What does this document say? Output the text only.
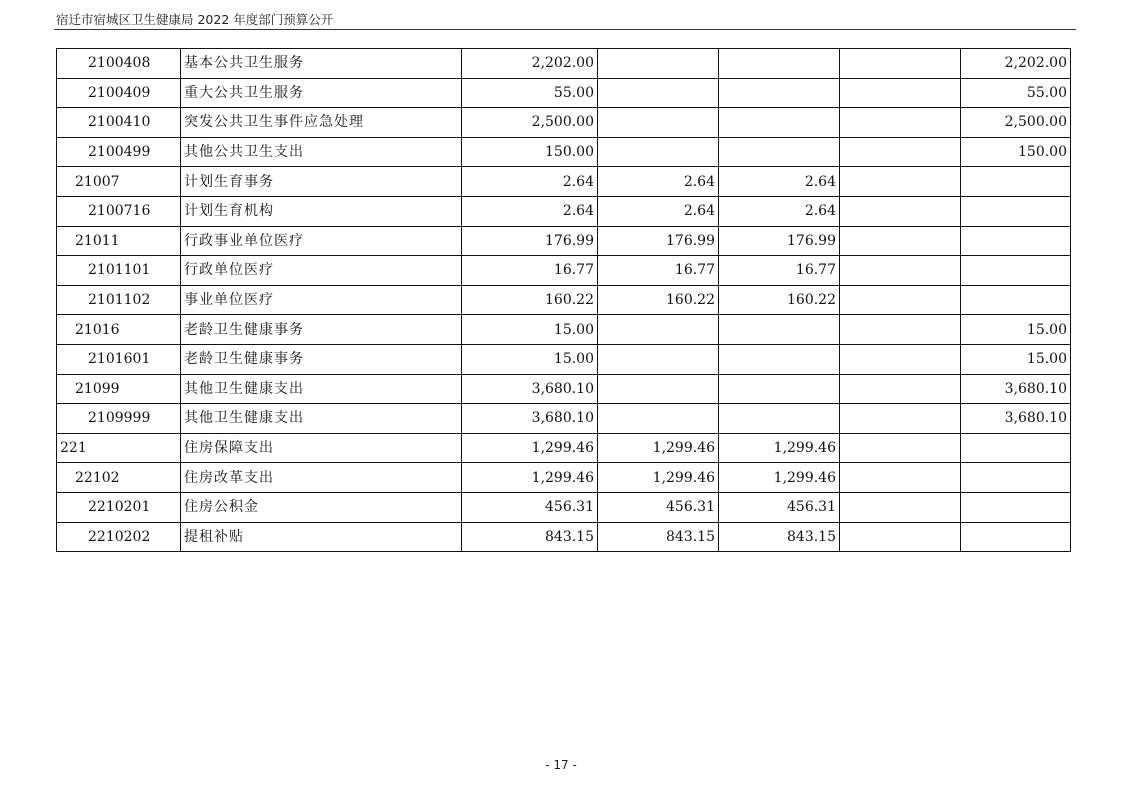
宿迁市宿城区卫生健康局 2022 年度部门预算公开
2100408	基本公共卫生服务	2,202.00				2,202.00
2100409	重大公共卫生服务	55.00				55.00
2100410	突发公共卫生事件应急处理	2,500.00				2,500.00
2100499	其他公共卫生支出	150.00				150.00
21007	计划生育事务	2.64	2.64	2.64		
2100716	计划生育机构	2.64	2.64	2.64		
21011	行政事业单位医疗	176.99	176.99	176.99		
2101101	行政单位医疗	16.77	16.77	16.77		
2101102	事业单位医疗	160.22	160.22	160.22		
21016	老龄卫生健康事务	15.00				15.00
2101601	老龄卫生健康事务	15.00				15.00
21099	其他卫生健康支出	3,680.10				3,680.10
2109999	其他卫生健康支出	3,680.10				3,680.10
221	住房保障支出	1,299.46	1,299.46	1,299.46		
22102	住房改革支出	1,299.46	1,299.46	1,299.46		
2210201	住房公积金	456.31	456.31	456.31		
2210202	提租补贴	843.15	843.15	843.15		
- 17 -
